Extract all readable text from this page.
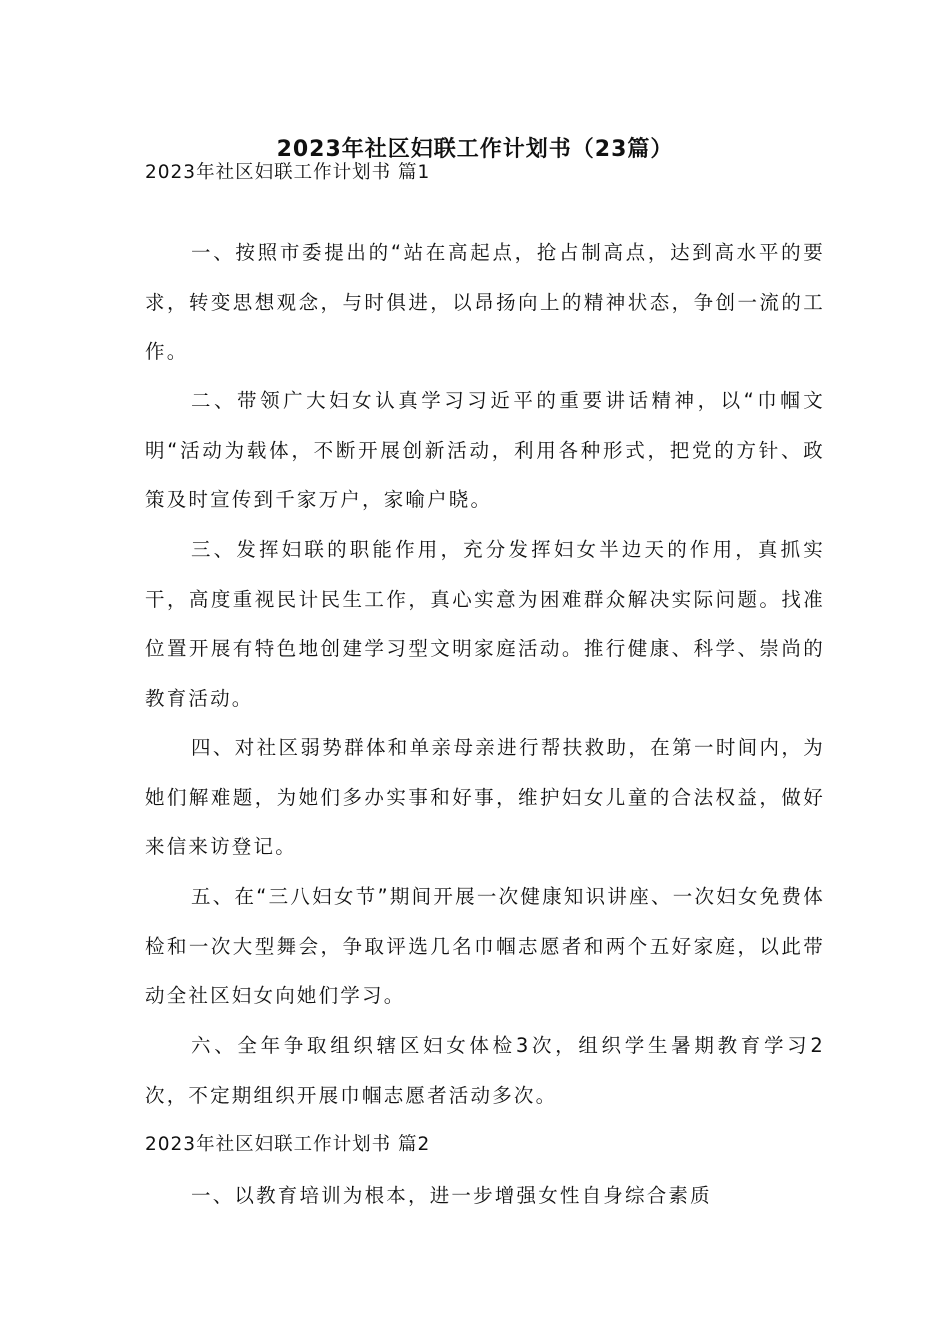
2023年社区妇联工作计划书（23篇）
2023年社区妇联工作计划书 篇1

一、按照市委提出的“站在高起点，抢占制高点，达到高水平的要求，转变思想观念，与时俱进，以昂扬向上的精神状态，争创一流的工作。

二、带领广大妇女认真学习习近平的重要讲话精神，以“巾帼文明“活动为载体，不断开展创新活动，利用各种形式，把党的方针、政策及时宣传到千家万户，家喻户晓。

三、发挥妇联的职能作用，充分发挥妇女半边天的作用，真抓实干，高度重视民计民生工作，真心实意为困难群众解决实际问题。找准位置开展有特色地创建学习型文明家庭活动。推行健康、科学、崇尚的教育活动。

四、对社区弱势群体和单亲母亲进行帮扶救助，在第一时间内，为她们解难题，为她们多办实事和好事，维护妇女儿童的合法权益，做好来信来访登记。

五、在“三八妇女节”期间开展一次健康知识讲座、一次妇女免费体检和一次大型舞会，争取评选几名巾帼志愿者和两个五好家庭，以此带动全社区妇女向她们学习。

六、全年争取组织辖区妇女体检3次，组织学生暑期教育学习2次，不定期组织开展巾帼志愿者活动多次。

2023年社区妇联工作计划书 篇2

一、以教育培训为根本，进一步增强女性自身综合素质
